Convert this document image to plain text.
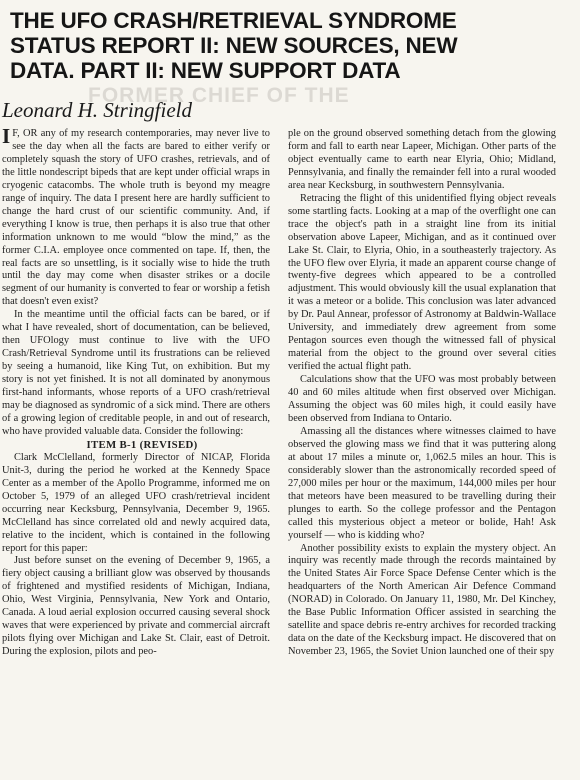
THE UFO CRASH/RETRIEVAL SYNDROME
STATUS REPORT II: NEW SOURCES, NEW
DATA. PART II: NEW SUPPORT DATA
FORMER CHIEF OF THE
Leonard H. Stringfield

I F, OR any of my research contemporaries, may never live to see the day when all the facts are bared to either verify or completely squash the story of UFO crashes, retrievals, and of the little nondescript bipeds that are kept under official wraps in cryogenic catacombs. The whole truth is beyond my meagre range of inquiry. The data I present here are hardly sufficient to change the hard crust of our scientific community. And, if everything I know is true, then perhaps it is also true that other information unknown to me would “blow the mind,” as the former C.I.A. employee once commented on tape. If, then, the real facts are so unsettling, is it socially wise to hide the truth until the day may come when disaster strikes or a docile segment of our humanity is converted to fear or worship a fetish that doesn't even exist?

In the meantime until the official facts can be bared, or if what I have revealed, short of documentation, can be believed, then UFOlogy must continue to live with the UFO Crash/Retrieval Syndrome until its frustrations can be relieved by seeing a humanoid, like King Tut, on exhibition. But my story is not yet finished. It is not all dominated by anonymous first-hand informants, whose reports of a UFO crash/retrieval may be diagnosed as syndromic of a sick mind. There are others of a growing legion of creditable people, in and out of research, who have provided valuable data. Consider the following:

ITEM B-1 (REVISED)

Clark McClelland, formerly Director of NICAP, Florida Unit-3, during the period he worked at the Kennedy Space Center as a member of the Apollo Programme, informed me on October 5, 1979 of an alleged UFO crash/retrieval incident occurring near Kecksburg, Pennsylvania, December 9, 1965. McClelland has since correlated old and newly acquired data, relative to the incident, which is contained in the following report for this paper:

Just before sunset on the evening of December 9, 1965, a fiery object causing a brilliant glow was observed by thousands of frightened and mystified residents of Michigan, Indiana, Ohio, West Virginia, Pennsylvania, New York and Ontario, Canada. A loud aerial explosion occurred causing several shock waves that were experienced by private and commercial aircraft pilots flying over Michigan and Lake St. Clair, east of Detroit. During the explosion, pilots and peo-

ple on the ground observed something detach from the glowing form and fall to earth near Lapeer, Michigan. Other parts of the object eventually came to earth near Elyria, Ohio; Midland, Pennsylvania, and finally the remainder fell into a rural wooded area near Kecksburg, in southwestern Pennsylvania.

Retracing the flight of this unidentified flying object reveals some startling facts. Looking at a map of the overflight one can trace the object's path in a straight line from its initial observation above Lapeer, Michigan, and as it continued over Lake St. Clair, to Elyria, Ohio, in a southeasterly trajectory. As the UFO flew over Elyria, it made an apparent course change of twenty-five degrees which appeared to be a controlled adjustment. This would obviously kill the usual explanation that it was a meteor or a bolide. This conclusion was later advanced by Dr. Paul Annear, professor of Astronomy at Baldwin-Wallace University, and immediately drew agreement from some Pentagon sources even though the witnessed fall of physical material from the object to the ground over several cities verified the actual flight path.

Calculations show that the UFO was most probably between 40 and 60 miles altitude when first observed over Michigan. Assuming the object was 60 miles high, it could easily have been observed from Indiana to Ontario.

Amassing all the distances where witnesses claimed to have observed the glowing mass we find that it was puttering along at about 17 miles a minute or, 1,062.5 miles an hour. This is considerably slower than the astronomically recorded speed of 27,000 miles per hour or the maximum, 144,000 miles per hour that meteors have been measured to be travelling during their plunges to earth. So the college professor and the Pentagon called this mysterious object a meteor or bolide, Hah! Ask yourself — who is kidding who?

Another possibility exists to explain the mystery object. An inquiry was recently made through the records maintained by the United States Air Force Space Defense Center which is the headquarters of the North American Air Defence Command (NORAD) in Colorado. On January 11, 1980, Mr. Del Kinchey, the Base Public Information Officer assisted in searching the satellite and space debris re-entry archives for recorded tracking data on the date of the Kecksburg impact. He discovered that on November 23, 1965, the Soviet Union launched one of their spy
